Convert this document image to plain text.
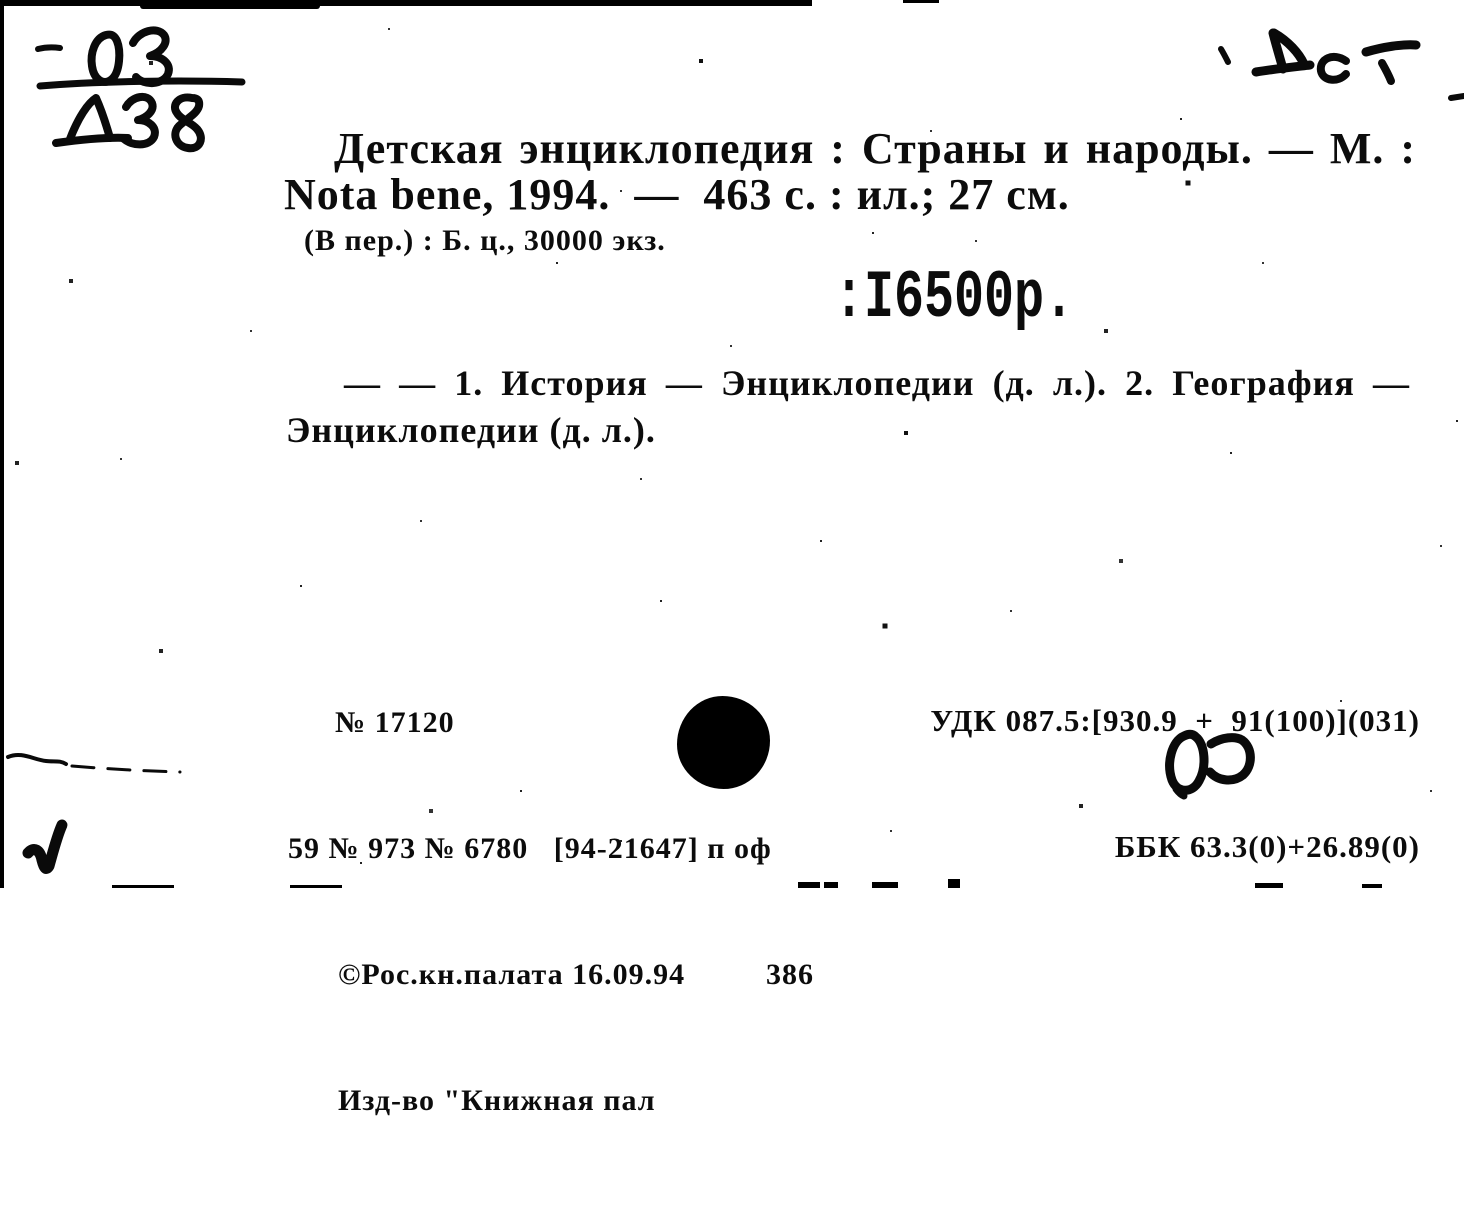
Детская энциклопедия : Страны и народы. — М. :
Nota bene, 1994.  —  463 с. : ил.; 27 см.
(В пер.) : Б. ц., 30000 экз.
:I6500р.
— — 1. История — Энциклопедии (д. л.). 2. География —
Энциклопедии (д. л.).

№ 17120

59 № 973 № 6780   [94-21647] п оф

©Рос.кн.палата 16.09.94	386

Изд-во "Книжная пал

УДК 087.5:[930.9  +  91(100)](031)

ББК 63.3(0)+26.89(0)
